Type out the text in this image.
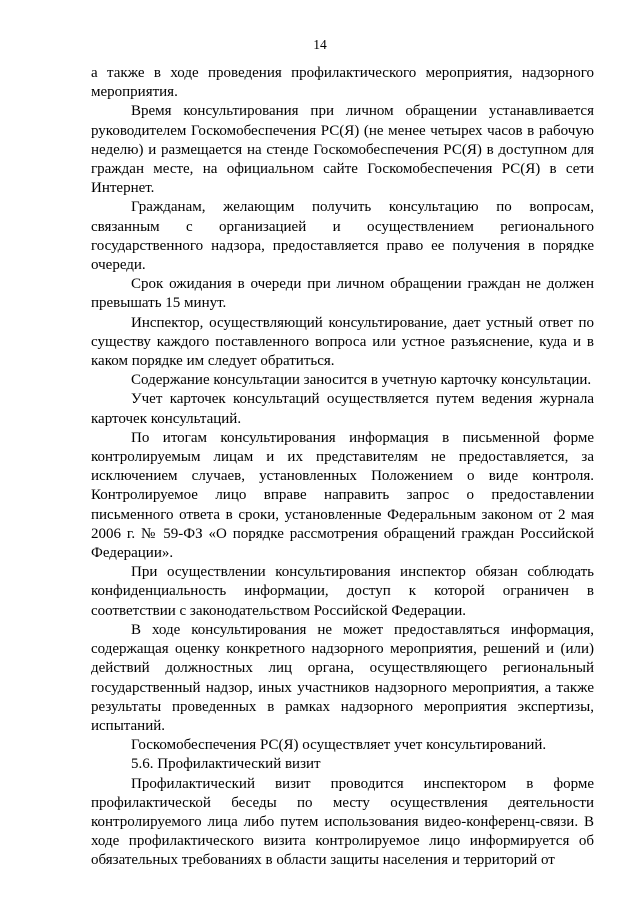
14

а также в ходе проведения профилактического мероприятия, надзорного мероприятия.

Время консультирования при личном обращении устанавливается руководителем Госкомобеспечения РС(Я) (не менее четырех часов в рабочую неделю) и размещается на стенде Госкомобеспечения РС(Я) в доступном для граждан месте, на официальном сайте Госкомобеспечения РС(Я) в сети Интернет.

Гражданам, желающим получить консультацию по вопросам, связанным с организацией и осуществлением регионального государственного надзора, предоставляется право ее получения в порядке очереди.

Срок ожидания в очереди при личном обращении граждан не должен превышать 15 минут.

Инспектор, осуществляющий консультирование, дает устный ответ по существу каждого поставленного вопроса или устное разъяснение, куда и в каком порядке им следует обратиться.

Содержание консультации заносится в учетную карточку консультации.

Учет карточек консультаций осуществляется путем ведения журнала карточек консультаций.

По итогам консультирования информация в письменной форме контролируемым лицам и их представителям не предоставляется, за исключением случаев, установленных Положением о виде контроля. Контролируемое лицо вправе направить запрос о предоставлении письменного ответа в сроки, установленные Федеральным законом от 2 мая 2006 г. № 59-ФЗ «О порядке рассмотрения обращений граждан Российской Федерации».

При осуществлении консультирования инспектор обязан соблюдать конфиденциальность информации, доступ к которой ограничен в соответствии с законодательством Российской Федерации.

В ходе консультирования не может предоставляться информация, содержащая оценку конкретного надзорного мероприятия, решений и (или) действий должностных лиц органа, осуществляющего региональный государственный надзор, иных участников надзорного мероприятия, а также результаты проведенных в рамках надзорного мероприятия экспертизы, испытаний.

Госкомобеспечения РС(Я) осуществляет учет консультирований.

5.6. Профилактический визит

Профилактический визит проводится инспектором в форме профилактической беседы по месту осуществления деятельности контролируемого лица либо путем использования видео-конференц-связи. В ходе профилактического визита контролируемое лицо информируется об обязательных требованиях в области защиты населения и территорий от
